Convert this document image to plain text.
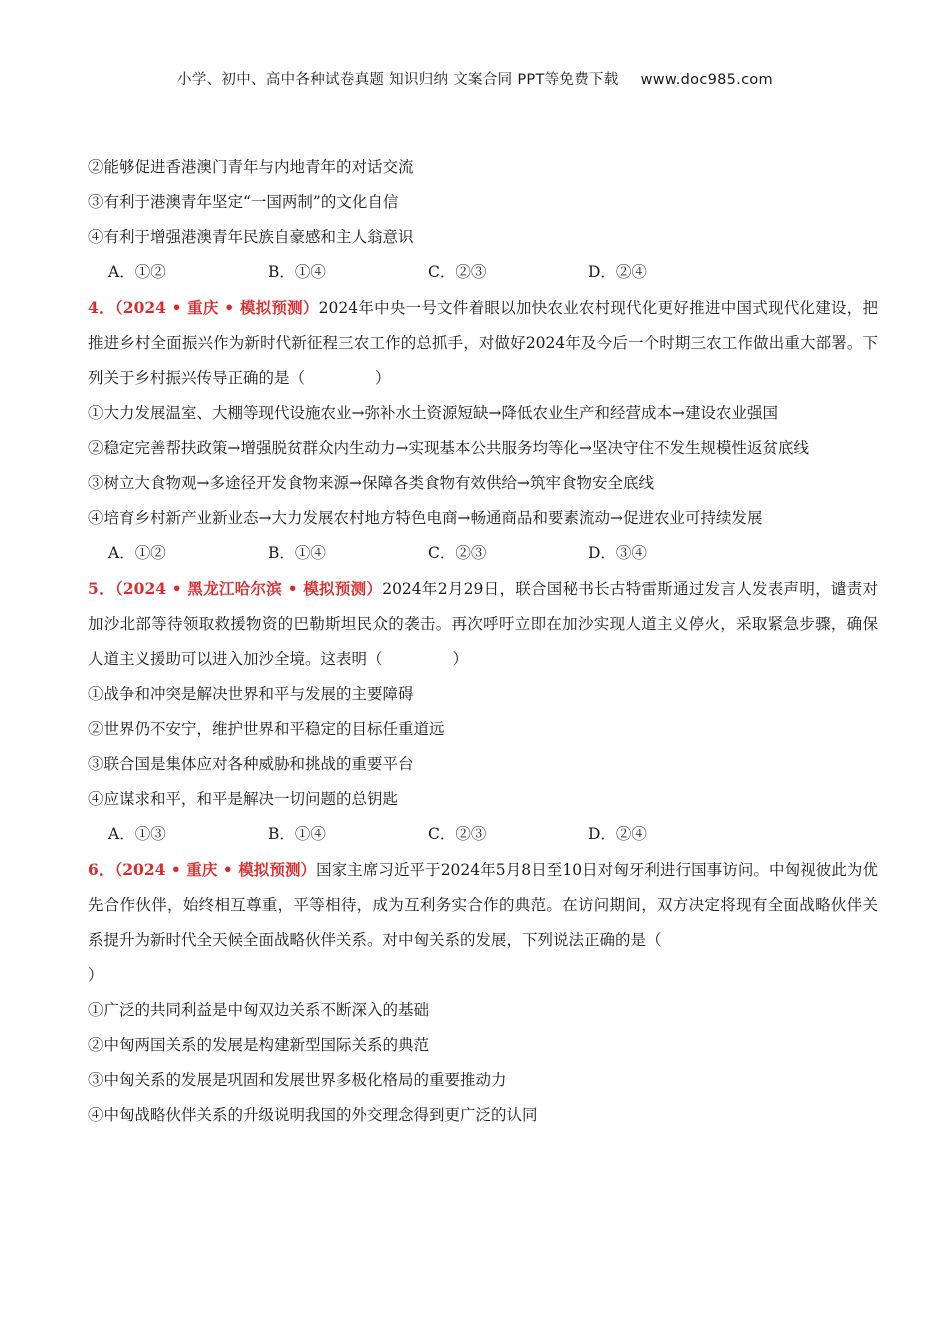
小学、初中、高中各种试卷真题 知识归纳 文案合同 PPT等免费下载 www.doc985.com
②能够促进香港澳门青年与内地青年的对话交流
③有利于港澳青年坚定“一国两制”的文化自信
④有利于增强港澳青年民族自豪感和主人翁意识
A．①②	B．①④	C．②③	D．②④
4．（2024 • 重庆 • 模拟预测）2024年中央一号文件着眼以加快农业农村现代化更好推进中国式现代化建设，把推进乡村全面振兴作为新时代新征程三农工作的总抓手，对做好2024年及今后一个时期三农工作做出重大部署。下列关于乡村振兴传导正确的是（	）
①大力发展温室、大棚等现代设施农业→弥补水土资源短缺→降低农业生产和经营成本→建设农业强国
②稳定完善帮扶政策→增强脱贫群众内生动力→实现基本公共服务均等化→坚决守住不发生规模性返贫底线
③树立大食物观→多途径开发食物来源→保障各类食物有效供给→筑牢食物安全底线
④培育乡村新产业新业态→大力发展农村地方特色电商→畅通商品和要素流动→促进农业可持续发展
A．①②	B．①④	C．②③	D．③④
5．（2024 • 黑龙江哈尔滨 • 模拟预测）2024年2月29日，联合国秘书长古特雷斯通过发言人发表声明，谴责对加沙北部等待领取救援物资的巴勒斯坦民众的袭击。再次呼吁立即在加沙实现人道主义停火，采取紧急步骤，确保人道主义援助可以进入加沙全境。这表明（	）
①战争和冲突是解决世界和平与发展的主要障碍
②世界仍不安宁，维护世界和平稳定的目标任重道远
③联合国是集体应对各种威胁和挑战的重要平台
④应谋求和平，和平是解决一切问题的总钥匙
A．①③	B．①④	C．②③	D．②④
6．（2024 • 重庆 • 模拟预测）国家主席习近平于2024年5月8日至10日对匈牙利进行国事访问。中匈视彼此为优先合作伙伴，始终相互尊重，平等相待，成为互利务实合作的典范。在访问期间，双方决定将现有全面战略伙伴关系提升为新时代全天候全面战略伙伴关系。对中匈关系的发展，下列说法正确的是（
）
①广泛的共同利益是中匈双边关系不断深入的基础
②中匈两国关系的发展是构建新型国际关系的典范
③中匈关系的发展是巩固和发展世界多极化格局的重要推动力
④中匈战略伙伴关系的升级说明我国的外交理念得到更广泛的认同
